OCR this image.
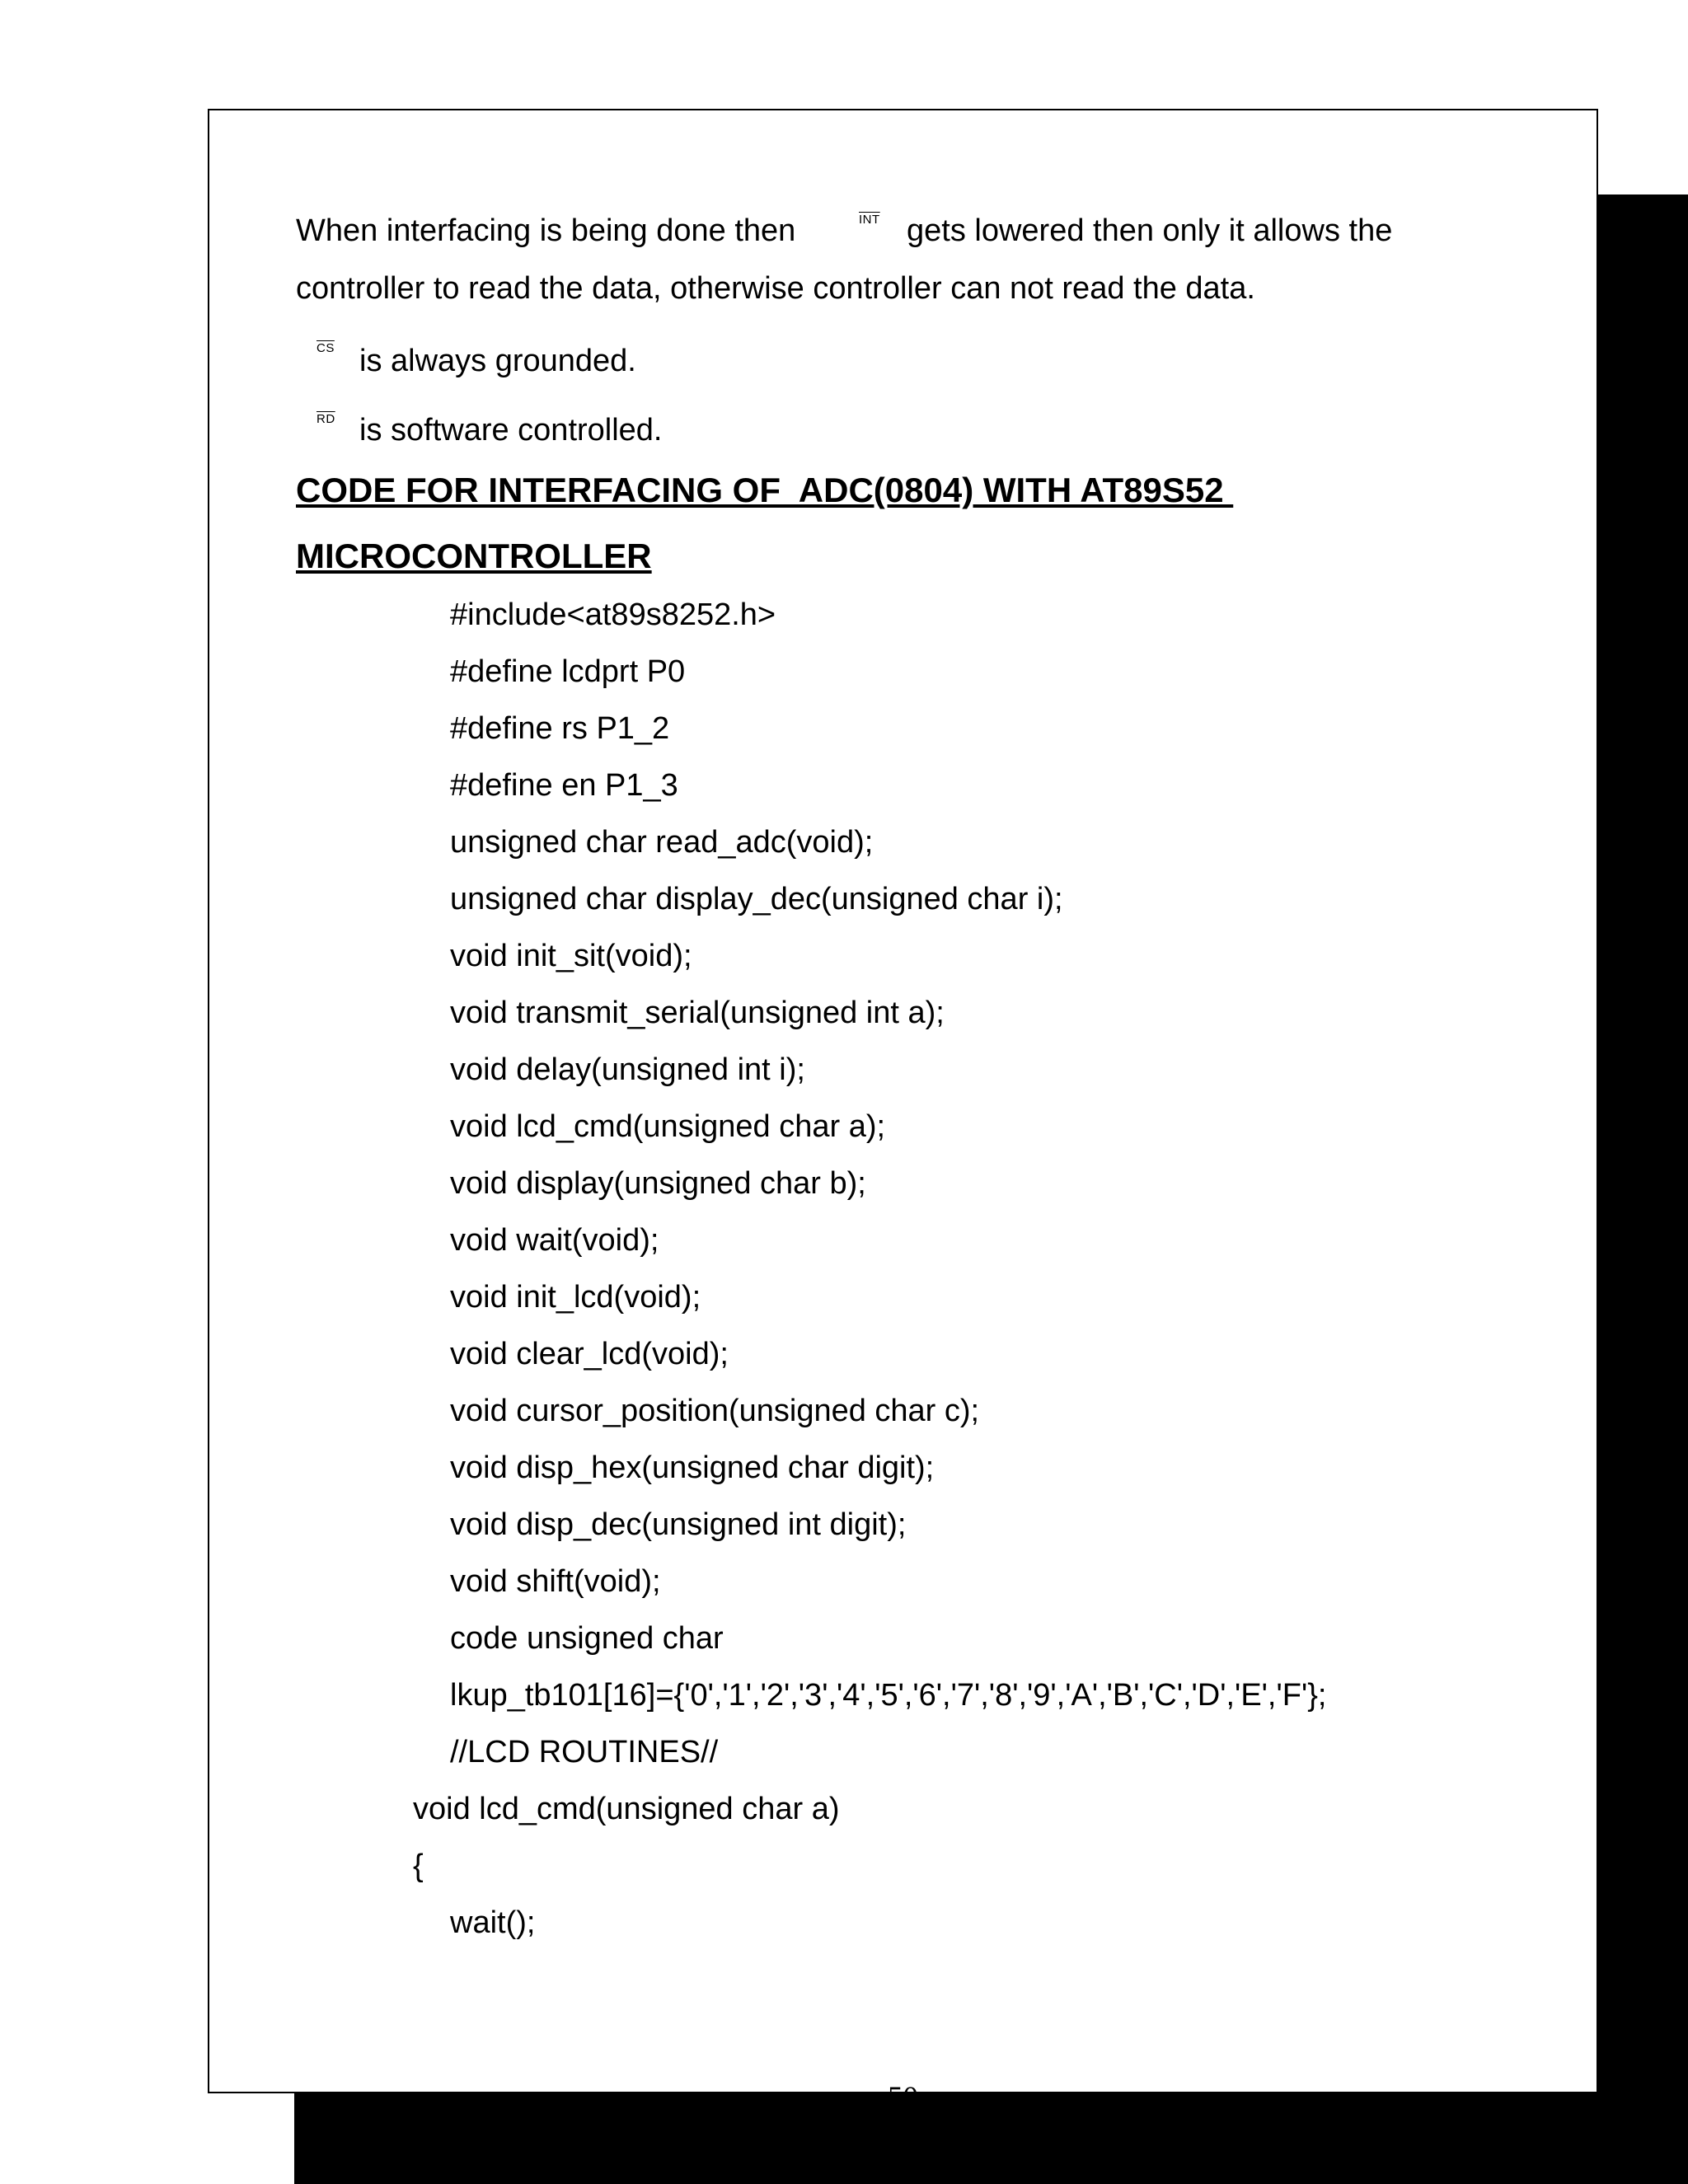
When interfacing is being done then	$\overline{INT}$ gets lowered then only it allows the
controller to read the data, otherwise controller can not read the data.
$\overline{CS}$ is always grounded.
$\overline{RD}$ is software controlled.
CODE FOR INTERFACING OF  ADC(0804) WITH AT89S52
MICROCONTROLLER
#include<at89s8252.h>
#define lcdprt P0
#define rs P1_2
#define en P1_3
unsigned char read_adc(void);
unsigned char display_dec(unsigned char i);
void init_sit(void);
void transmit_serial(unsigned int a);
void delay(unsigned int i);
void lcd_cmd(unsigned char a);
void display(unsigned char b);
void wait(void);
void init_lcd(void);
void clear_lcd(void);
void cursor_position(unsigned char c);
void disp_hex(unsigned char digit);
void disp_dec(unsigned int digit);
void shift(void);
code unsigned char
lkup_tb101[16]={'0','1','2','3','4','5','6','7','8','9','A','B','C','D','E','F'};
//LCD ROUTINES//
void lcd_cmd(unsigned char a)
{
wait();
50
